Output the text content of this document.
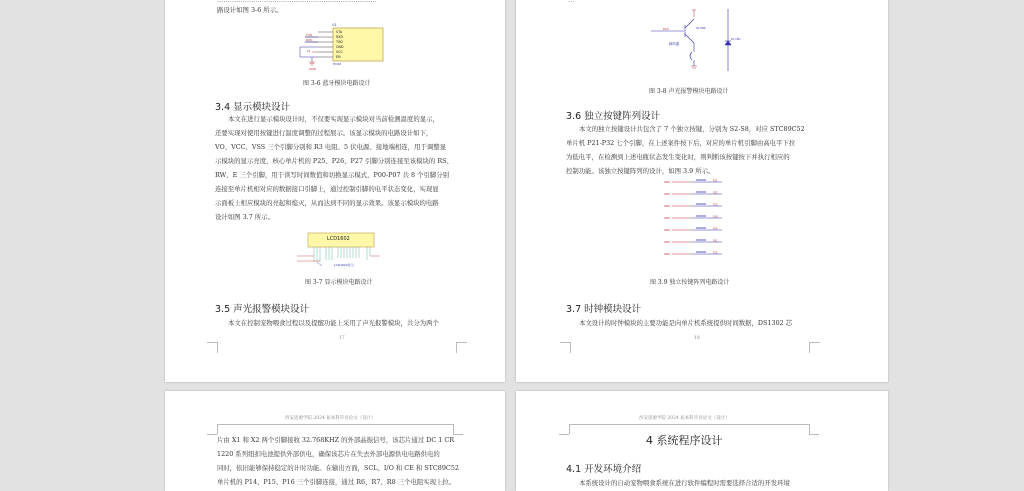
…………………………………………………………………
路设计如图 3-6 所示。
U1
STA
RXD
TXD
GND
VCC
EN
TXD
RXD
+5
GND
HC06
图 3-6 蓝牙模块电路设计
3.4 显示模块设计
本文在进行显示模块设计时，不仅要实现显示模块对当前检测温度的显示，
还要实现对使用按键进行温度调整的过程展示。该显示模块的电路设计如下，
VO、VCC、VSS 三个引脚分别和 R3 电阻、5 伏电源、接地端相连，用于调整显
示模块的显示亮度，核心单片机的 P25、P26、P27 引脚分别连接至该模块的 RS、
RW、E 三个引脚，用于读写时间数值和切换显示模式，P00-P07 共 8 个引脚分别
连接至单片机相对应的数据接口引脚上，通过控制引脚的电平状态变化，实现显
示面板上相应模块的亮起和熄灭，从而达到不同的显示效果。该显示模块的电路
设计如图 3.7 所示。
LCD1602
LCD1602显示
图 3-7 显示模块电路设计
3.5 声光报警模块设计
本文在控制宠物喂食过程以及提醒功能上采用了声光报警模块，共分为两个
17
…
P20
蜂鸣器
Q1 PNP
D1 LED
图 3-8 声光报警模块电路设计
3.6 独立按键阵列设计
本文的独立按键设计共包含了 7 个独立按键，分别为 S2-S8，对应 STC89C52
单片机 P21-P32 七个引脚，在上述案件按下后，对应的单片机引脚由高电平下拉
为低电平，在检测到上述电瓶状态发生变化时，则判断该按键按下并执行相应的
控制功能。该独立按键阵列的设计，如图 3.9 所示。
GND	P21
GND	P22
GND	P23
GND	P30
GND	P24
GND	P31
GND	P32
图 3.9 独立按键阵列电路设计
3.7 时钟模块设计
本文设计的时钟模块的主要功能是向单片机系统提供时间数据，DS1302 芯
18
西安思源学院 2024 届本科毕业论文（设计）
片由 X1 和 X2 两个引脚接收 32.768KHZ 的外部晶振信号，该芯片通过 DC 1 CR
1220 系列纽扣电池提供外部供电，确保该芯片在失去外部电源供电电路供电的
同时，依旧能够保持稳定的计时功能。在输出方面，SCL、I/O 和 CE 和 STC89C52
单片机的 P14、P15、P16 三个引脚连接，通过 R6、R7、R8 三个电阻实现上拉。
西安思源学院 2024 届本科毕业论文（设计）
4 系统程序设计
4.1 开发环境介绍
本系统设计的自动宠物喂食系统在进行软件编程时需要选择合适的开发环境
